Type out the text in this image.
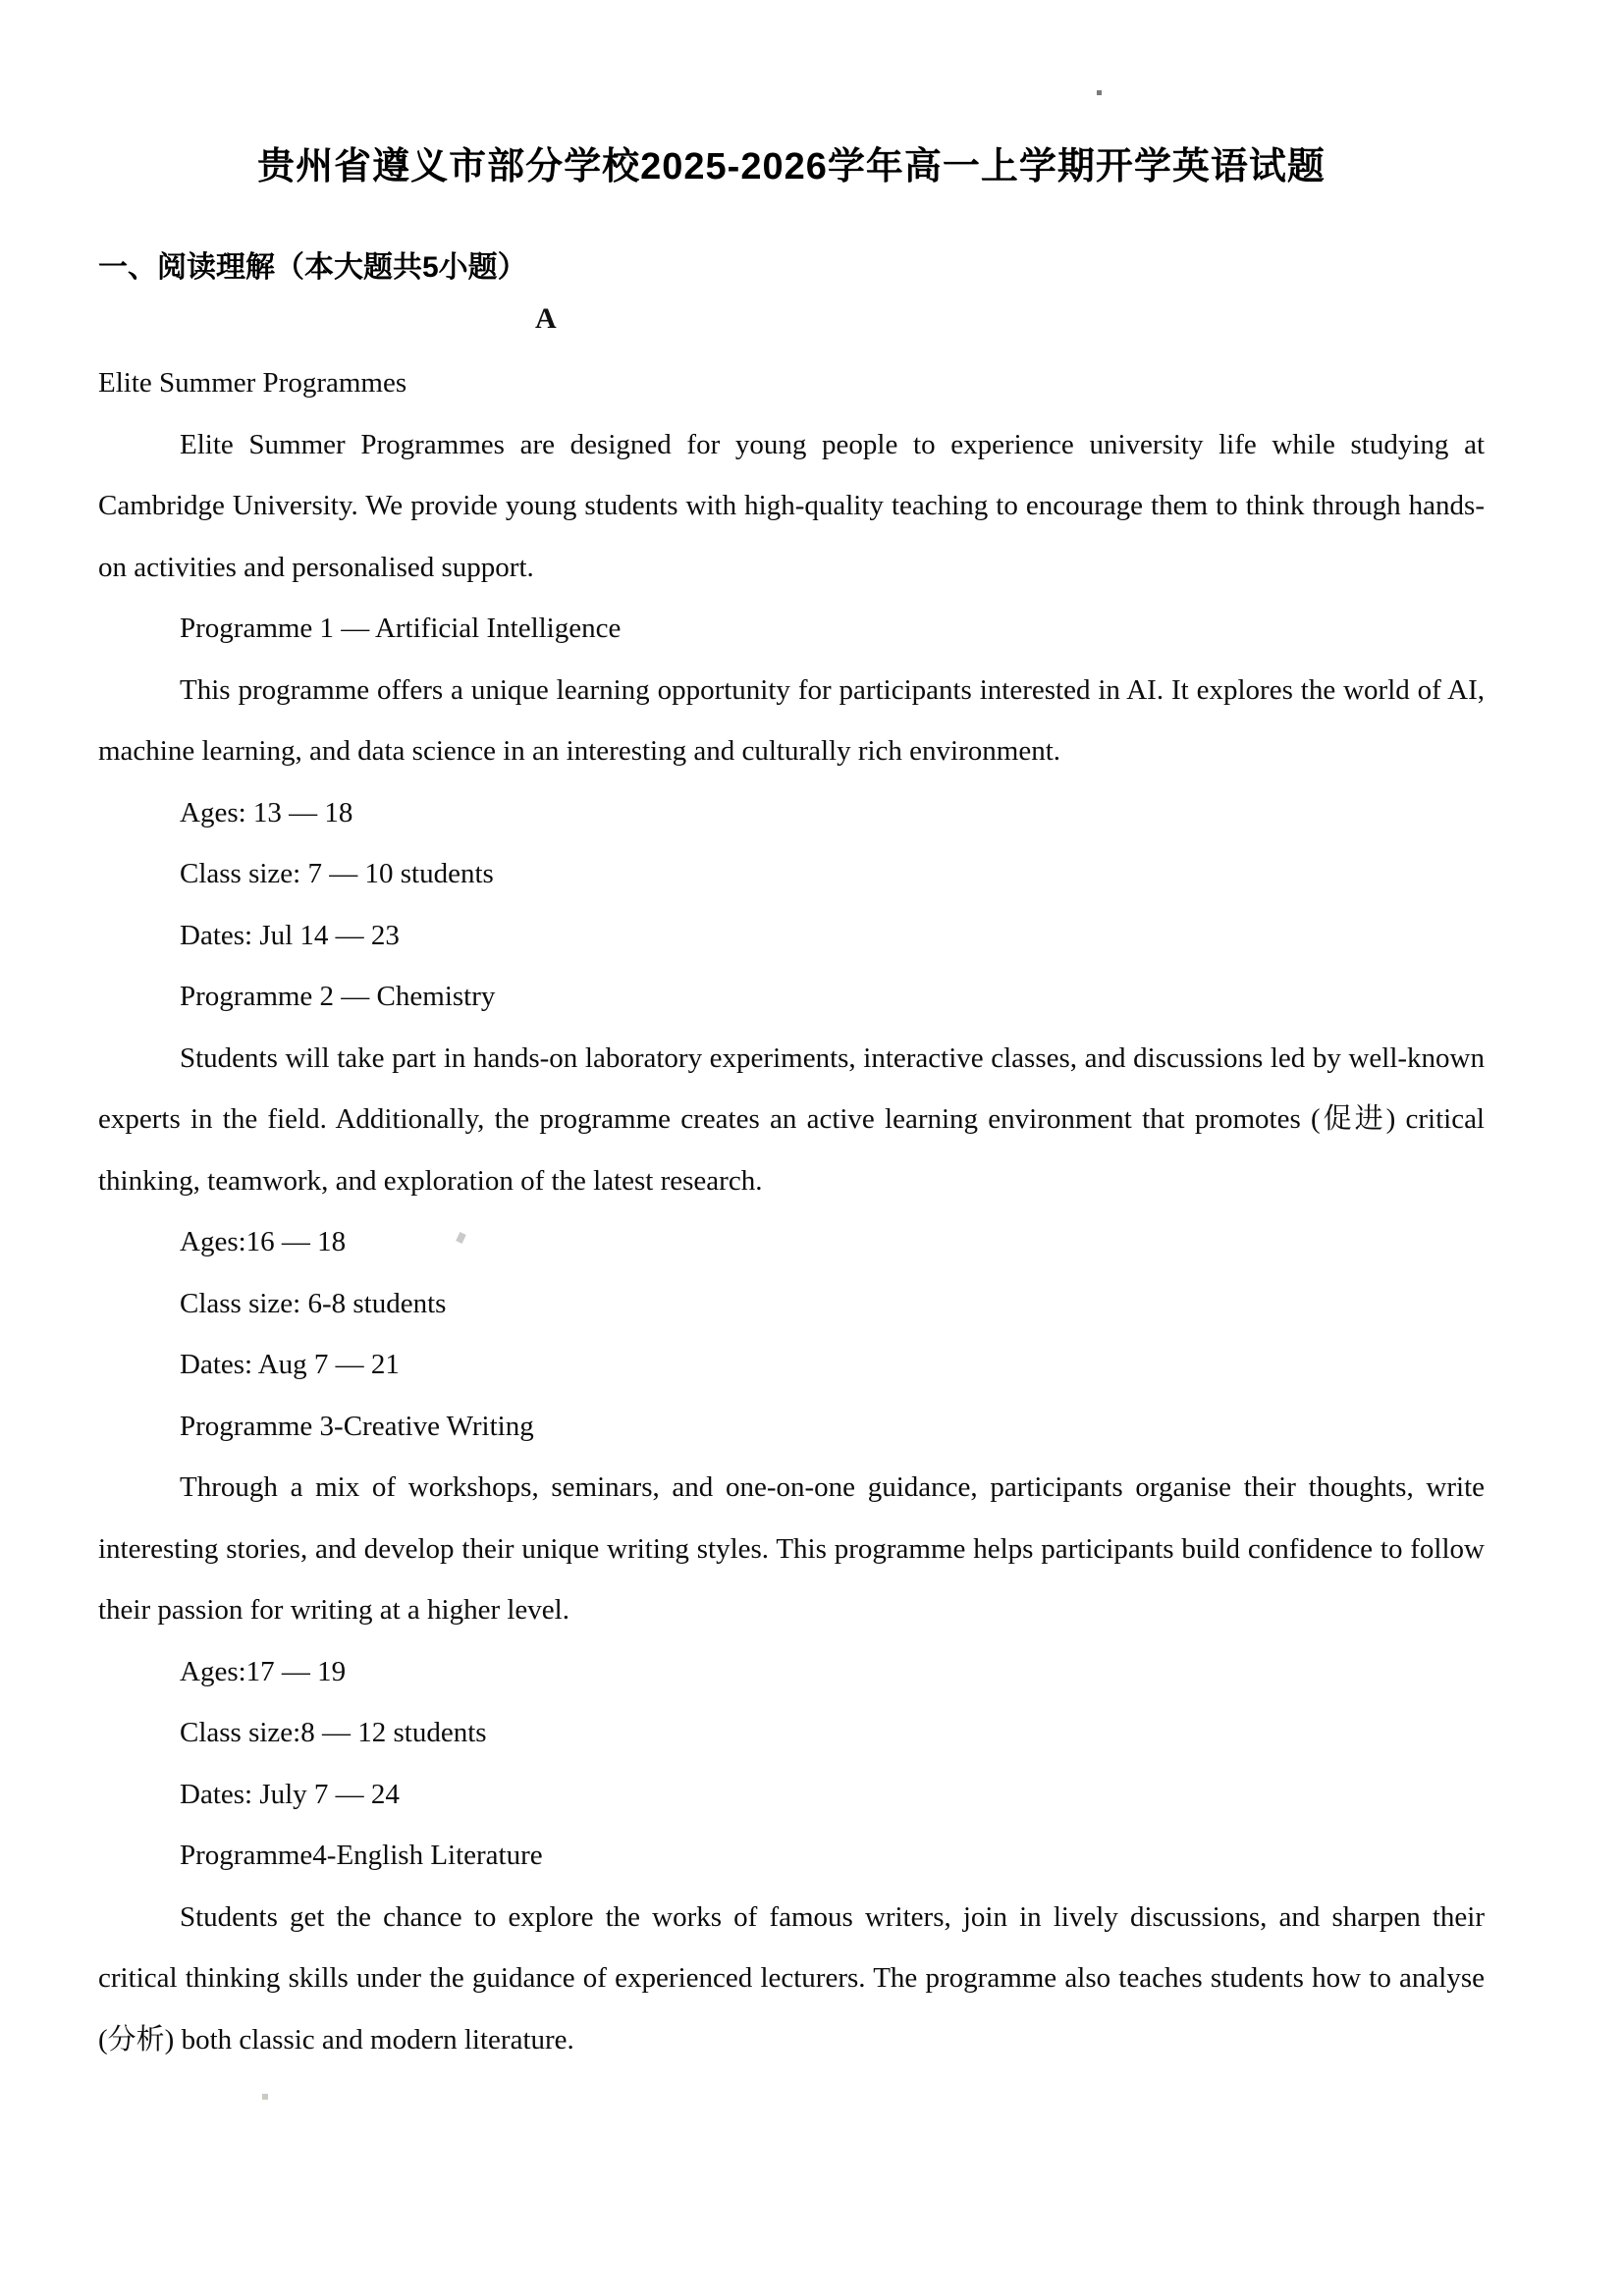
贵州省遵义市部分学校2025-2026学年高一上学期开学英语试题
一、阅读理解（本大题共5小题）
A

Elite Summer Programmes

Elite Summer Programmes are designed for young people to experience university life while studying at Cambridge University. We provide young students with high-quality teaching to encourage them to think through hands-on activities and personalised support.

Programme 1 — Artificial Intelligence

This programme offers a unique learning opportunity for participants interested in AI. It explores the world of AI, machine learning, and data science in an interesting and culturally rich environment.

Ages: 13 — 18

Class size: 7 — 10 students

Dates: Jul 14 — 23

Programme 2 — Chemistry

Students will take part in hands-on laboratory experiments, interactive classes, and discussions led by well-known experts in the field. Additionally, the programme creates an active learning environment that promotes (促进) critical thinking, teamwork, and exploration of the latest research.

Ages:16 — 18

Class size: 6-8 students

Dates: Aug 7 — 21

Programme 3-Creative Writing

Through a mix of workshops, seminars, and one-on-one guidance, participants organise their thoughts, write interesting stories, and develop their unique writing styles. This programme helps participants build confidence to follow their passion for writing at a higher level.

Ages:17 — 19

Class size:8 — 12 students

Dates: July 7 — 24

Programme4-English Literature

Students get the chance to explore the works of famous writers, join in lively discussions, and sharpen their critical thinking skills under the guidance of experienced lecturers. The programme also teaches students how to analyse (分析) both classic and modern literature.
